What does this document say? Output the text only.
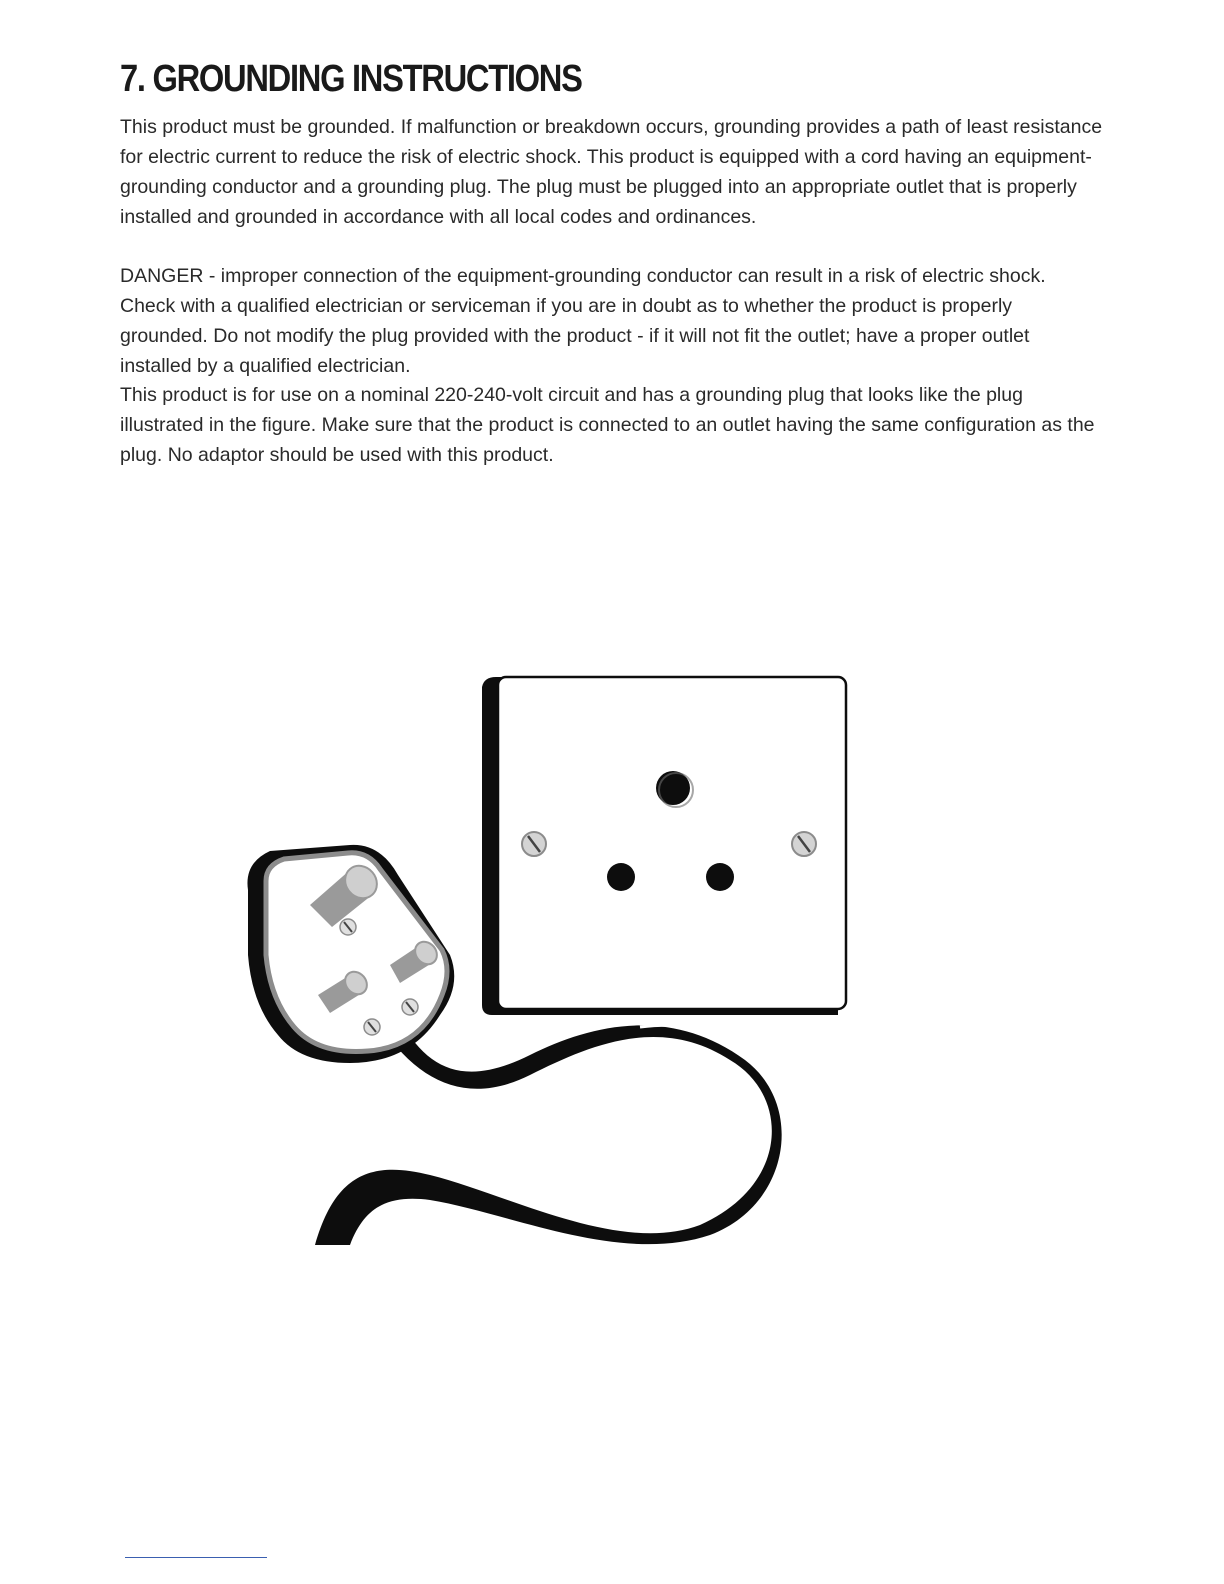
7. GROUNDING INSTRUCTIONS

This product must be grounded. If malfunction or breakdown occurs, grounding provides a path of least resistance for electric current to reduce the risk of electric shock. This product is equipped with a cord having an equipment-grounding conductor and a grounding plug. The plug must be plugged into an appropriate outlet that is properly installed and grounded in accordance with all local codes and ordinances.

DANGER - improper connection of the equipment-grounding conductor can result in a risk of electric shock. Check with a qualified electrician or serviceman if you are in doubt as to whether the product is properly grounded. Do not modify the plug provided with the product - if it will not fit the outlet; have a proper outlet installed by a qualified electrician.

This product is for use on a nominal 220-240-volt circuit and has a grounding plug that looks like the plug illustrated in the figure. Make sure that the product is connected to an outlet having the same configuration as the plug. No adaptor should be used with this product.
